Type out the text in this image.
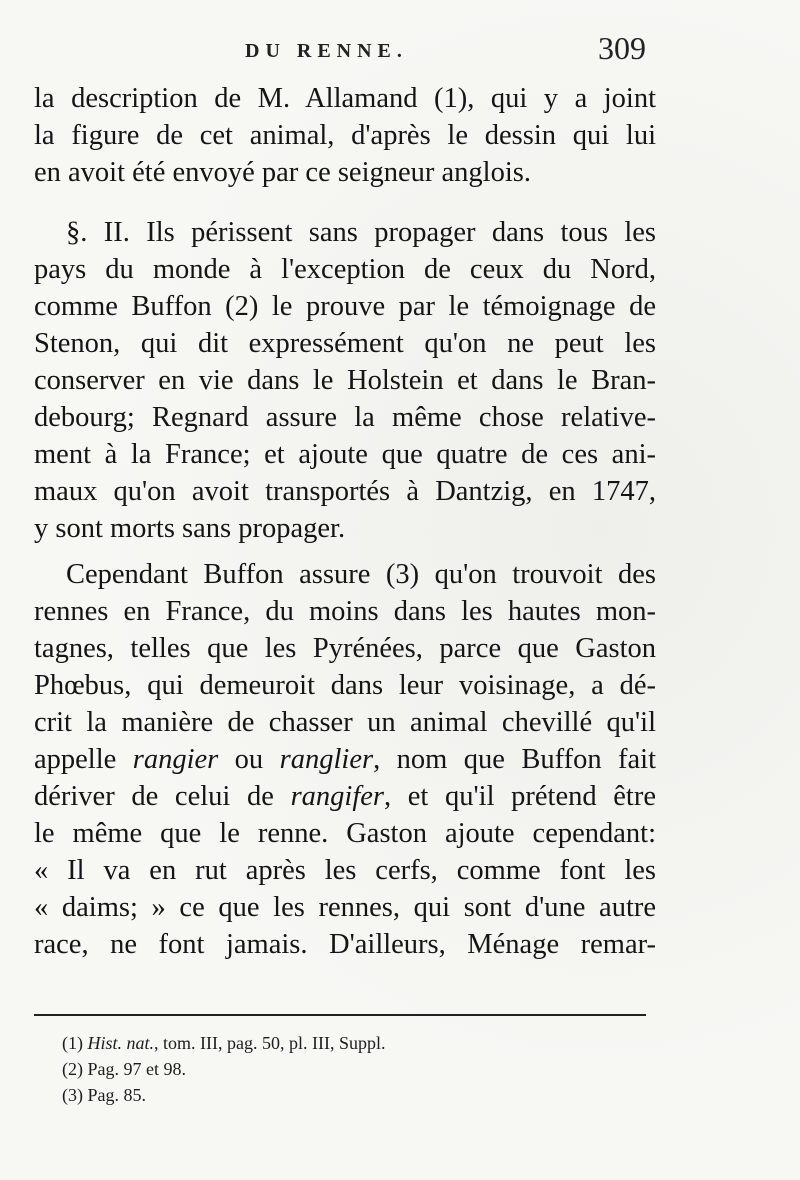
DU RENNE.	309
la description de M. Allamand (1), qui y a joint
la figure de cet animal, d'après le dessin qui lui
en avoit été envoyé par ce seigneur anglois.
§. II. Ils périssent sans propager dans tous les
pays du monde à l'exception de ceux du Nord,
comme Buffon (2) le prouve par le témoignage de
Stenon, qui dit expressément qu'on ne peut les
conserver en vie dans le Holstein et dans le Bran-
debourg; Regnard assure la même chose relative-
ment à la France; et ajoute que quatre de ces ani-
maux qu'on avoit transportés à Dantzig, en 1747,
y sont morts sans propager.
Cependant Buffon assure (3) qu'on trouvoit des
rennes en France, du moins dans les hautes mon-
tagnes, telles que les Pyrénées, parce que Gaston
Phœbus, qui demeuroit dans leur voisinage, a dé-
crit la manière de chasser un animal chevillé qu'il
appelle rangier ou ranglier, nom que Buffon fait
dériver de celui de rangifer, et qu'il prétend être
le même que le renne. Gaston ajoute cependant:
« Il va en rut après les cerfs, comme font les
« daims; » ce que les rennes, qui sont d'une autre
race, ne font jamais. D'ailleurs, Ménage remar-
(1) Hist. nat., tom. III, pag. 50, pl. III, Suppl.
(2) Pag. 97 et 98.
(3) Pag. 85.
